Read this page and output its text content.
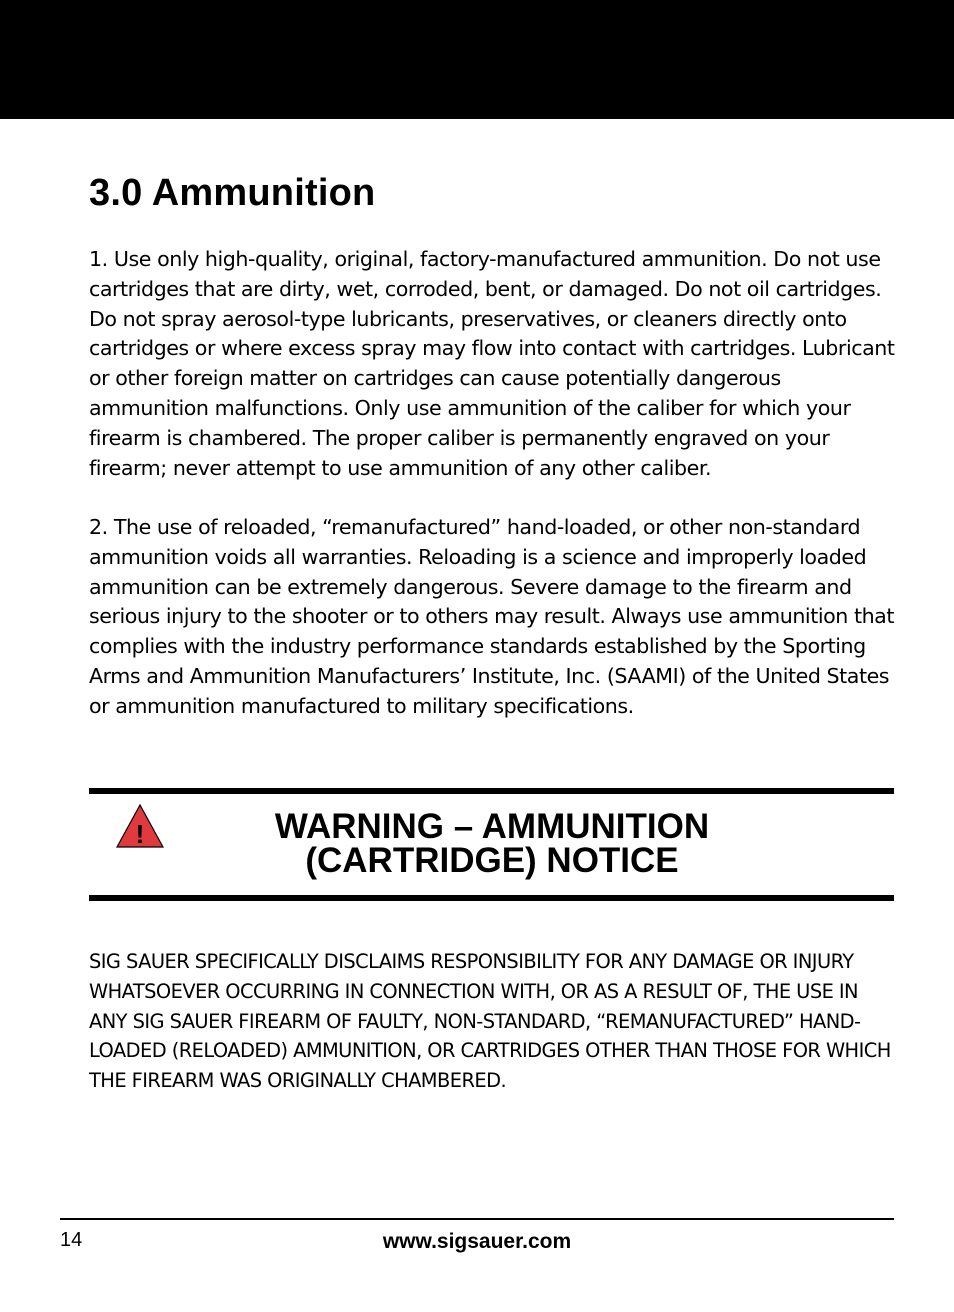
3.0 Ammunition

1. Use only high-quality, original, factory-manufactured ammunition. Do not use cartridges that are dirty, wet, corroded, bent, or damaged. Do not oil cartridges. Do not spray aerosol-type lubricants, preservatives, or cleaners directly onto cartridges or where excess spray may flow into contact with cartridges. Lubricant or other foreign matter on cartridges can cause potentially dangerous ammunition malfunctions. Only use ammunition of the caliber for which your firearm is chambered. The proper caliber is permanently engraved on your firearm; never attempt to use ammunition of any other caliber.

2. The use of reloaded, “remanufactured” hand-loaded, or other non-standard ammunition voids all warranties. Reloading is a science and improperly loaded ammunition can be extremely dangerous. Severe damage to the firearm and serious injury to the shooter or to others may result. Always use ammunition that complies with the industry performance standards established by the Sporting Arms and Ammunition Manufacturers’ Institute, Inc. (SAAMI) of the United States or ammunition manufactured to military specifications.

!	WARNING – AMMUNITION (CARTRIDGE) NOTICE

SIG SAUER SPECIFICALLY DISCLAIMS RESPONSIBILITY FOR ANY DAMAGE OR INJURY WHATSOEVER OCCURRING IN CONNECTION WITH, OR AS A RESULT OF, THE USE IN ANY SIG SAUER FIREARM OF FAULTY, NON-STANDARD, “REMANUFACTURED” HAND-LOADED (RELOADED) AMMUNITION, OR CARTRIDGES OTHER THAN THOSE FOR WHICH THE FIREARM WAS ORIGINALLY CHAMBERED.

14	www.sigsauer.com
